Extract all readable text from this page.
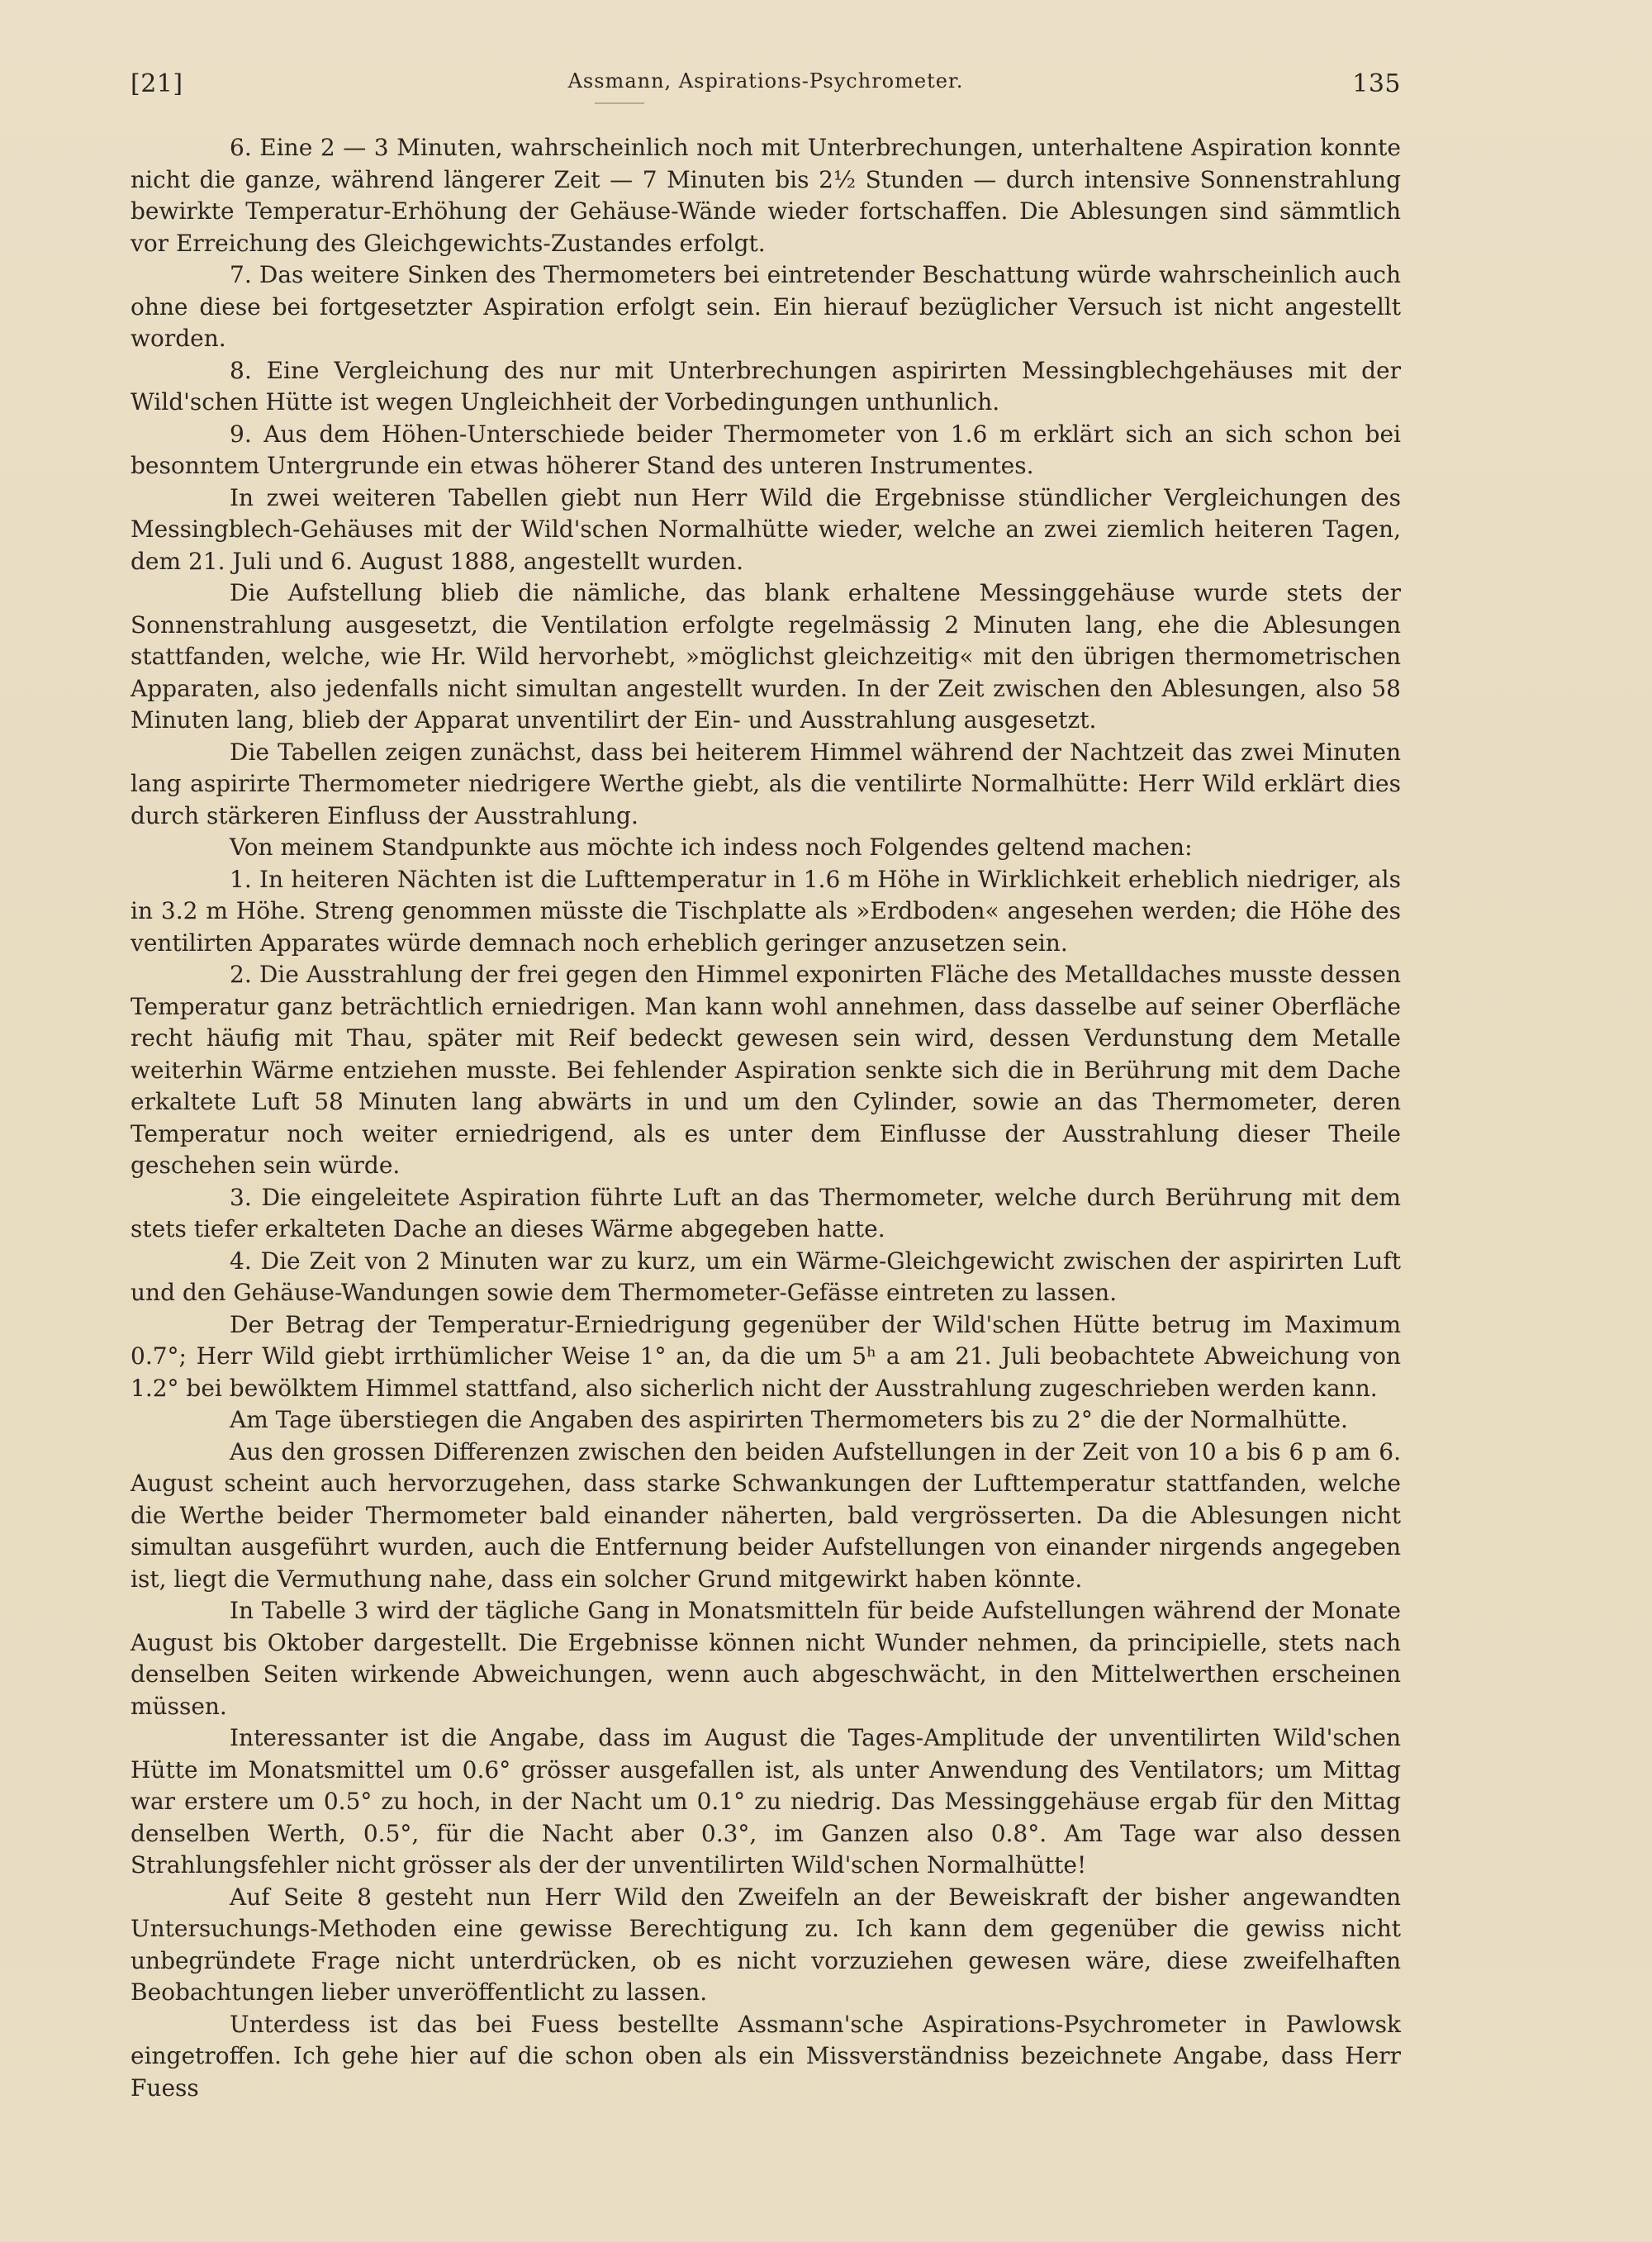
[21]	Assmann, Aspirations-Psychrometer.	135

6. Eine 2 — 3 Minuten, wahrscheinlich noch mit Unterbrechungen, unterhaltene Aspiration konnte nicht die ganze, während längerer Zeit — 7 Minuten bis 2½ Stunden — durch intensive Sonnenstrahlung bewirkte Temperatur-Erhöhung der Gehäuse-Wände wieder fortschaffen. Die Ablesungen sind sämmtlich vor Erreichung des Gleichgewichts-Zustandes erfolgt.

7. Das weitere Sinken des Thermometers bei eintretender Beschattung würde wahrscheinlich auch ohne diese bei fortgesetzter Aspiration erfolgt sein. Ein hierauf bezüglicher Versuch ist nicht angestellt worden.

8. Eine Vergleichung des nur mit Unterbrechungen aspirirten Messingblechgehäuses mit der Wild'schen Hütte ist wegen Ungleichheit der Vorbedingungen unthunlich.

9. Aus dem Höhen-Unterschiede beider Thermometer von 1.6 m erklärt sich an sich schon bei besonntem Untergrunde ein etwas höherer Stand des unteren Instrumentes.

In zwei weiteren Tabellen giebt nun Herr Wild die Ergebnisse stündlicher Vergleichungen des Messingblech-Gehäuses mit der Wild'schen Normalhütte wieder, welche an zwei ziemlich heiteren Tagen, dem 21. Juli und 6. August 1888, angestellt wurden.

Die Aufstellung blieb die nämliche, das blank erhaltene Messinggehäuse wurde stets der Sonnenstrahlung ausgesetzt, die Ventilation erfolgte regelmässig 2 Minuten lang, ehe die Ablesungen stattfanden, welche, wie Hr. Wild hervorhebt, »möglichst gleichzeitig« mit den übrigen thermometrischen Apparaten, also jedenfalls nicht simultan angestellt wurden. In der Zeit zwischen den Ablesungen, also 58 Minuten lang, blieb der Apparat unventilirt der Ein- und Ausstrahlung ausgesetzt.

Die Tabellen zeigen zunächst, dass bei heiterem Himmel während der Nachtzeit das zwei Minuten lang aspirirte Thermometer niedrigere Werthe giebt, als die ventilirte Normalhütte: Herr Wild erklärt dies durch stärkeren Einfluss der Ausstrahlung.

Von meinem Standpunkte aus möchte ich indess noch Folgendes geltend machen:

1. In heiteren Nächten ist die Lufttemperatur in 1.6 m Höhe in Wirklichkeit erheblich niedriger, als in 3.2 m Höhe. Streng genommen müsste die Tischplatte als »Erdboden« angesehen werden; die Höhe des ventilirten Apparates würde demnach noch erheblich geringer anzusetzen sein.

2. Die Ausstrahlung der frei gegen den Himmel exponirten Fläche des Metalldaches musste dessen Temperatur ganz beträchtlich erniedrigen. Man kann wohl annehmen, dass dasselbe auf seiner Oberfläche recht häufig mit Thau, später mit Reif bedeckt gewesen sein wird, dessen Verdunstung dem Metalle weiterhin Wärme entziehen musste. Bei fehlender Aspiration senkte sich die in Berührung mit dem Dache erkaltete Luft 58 Minuten lang abwärts in und um den Cylinder, sowie an das Thermometer, deren Temperatur noch weiter erniedrigend, als es unter dem Einflusse der Ausstrahlung dieser Theile geschehen sein würde.

3. Die eingeleitete Aspiration führte Luft an das Thermometer, welche durch Berührung mit dem stets tiefer erkalteten Dache an dieses Wärme abgegeben hatte.

4. Die Zeit von 2 Minuten war zu kurz, um ein Wärme-Gleichgewicht zwischen der aspirirten Luft und den Gehäuse-Wandungen sowie dem Thermometer-Gefässe eintreten zu lassen.

Der Betrag der Temperatur-Erniedrigung gegenüber der Wild'schen Hütte betrug im Maximum 0.7°; Herr Wild giebt irrthümlicher Weise 1° an, da die um 5ʰ a am 21. Juli beobachtete Abweichung von 1.2° bei bewölktem Himmel stattfand, also sicherlich nicht der Ausstrahlung zugeschrieben werden kann.

Am Tage überstiegen die Angaben des aspirirten Thermometers bis zu 2° die der Normalhütte.

Aus den grossen Differenzen zwischen den beiden Aufstellungen in der Zeit von 10 a bis 6 p am 6. August scheint auch hervorzugehen, dass starke Schwankungen der Lufttemperatur stattfanden, welche die Werthe beider Thermometer bald einander näherten, bald vergrösserten. Da die Ablesungen nicht simultan ausgeführt wurden, auch die Entfernung beider Aufstellungen von einander nirgends angegeben ist, liegt die Vermuthung nahe, dass ein solcher Grund mitgewirkt haben könnte.

In Tabelle 3 wird der tägliche Gang in Monatsmitteln für beide Aufstellungen während der Monate August bis Oktober dargestellt. Die Ergebnisse können nicht Wunder nehmen, da principielle, stets nach denselben Seiten wirkende Abweichungen, wenn auch abgeschwächt, in den Mittelwerthen erscheinen müssen.

Interessanter ist die Angabe, dass im August die Tages-Amplitude der unventilirten Wild'schen Hütte im Monatsmittel um 0.6° grösser ausgefallen ist, als unter Anwendung des Ventilators; um Mittag war erstere um 0.5° zu hoch, in der Nacht um 0.1° zu niedrig. Das Messinggehäuse ergab für den Mittag denselben Werth, 0.5°, für die Nacht aber 0.3°, im Ganzen also 0.8°. Am Tage war also dessen Strahlungsfehler nicht grösser als der der unventilirten Wild'schen Normalhütte!

Auf Seite 8 gesteht nun Herr Wild den Zweifeln an der Beweiskraft der bisher angewandten Untersuchungs-Methoden eine gewisse Berechtigung zu. Ich kann dem gegenüber die gewiss nicht unbegründete Frage nicht unterdrücken, ob es nicht vorzuziehen gewesen wäre, diese zweifelhaften Beobachtungen lieber unveröffentlicht zu lassen.

Unterdess ist das bei Fuess bestellte Assmann'sche Aspirations-Psychrometer in Pawlowsk eingetroffen. Ich gehe hier auf die schon oben als ein Missverständniss bezeichnete Angabe, dass Herr Fuess
